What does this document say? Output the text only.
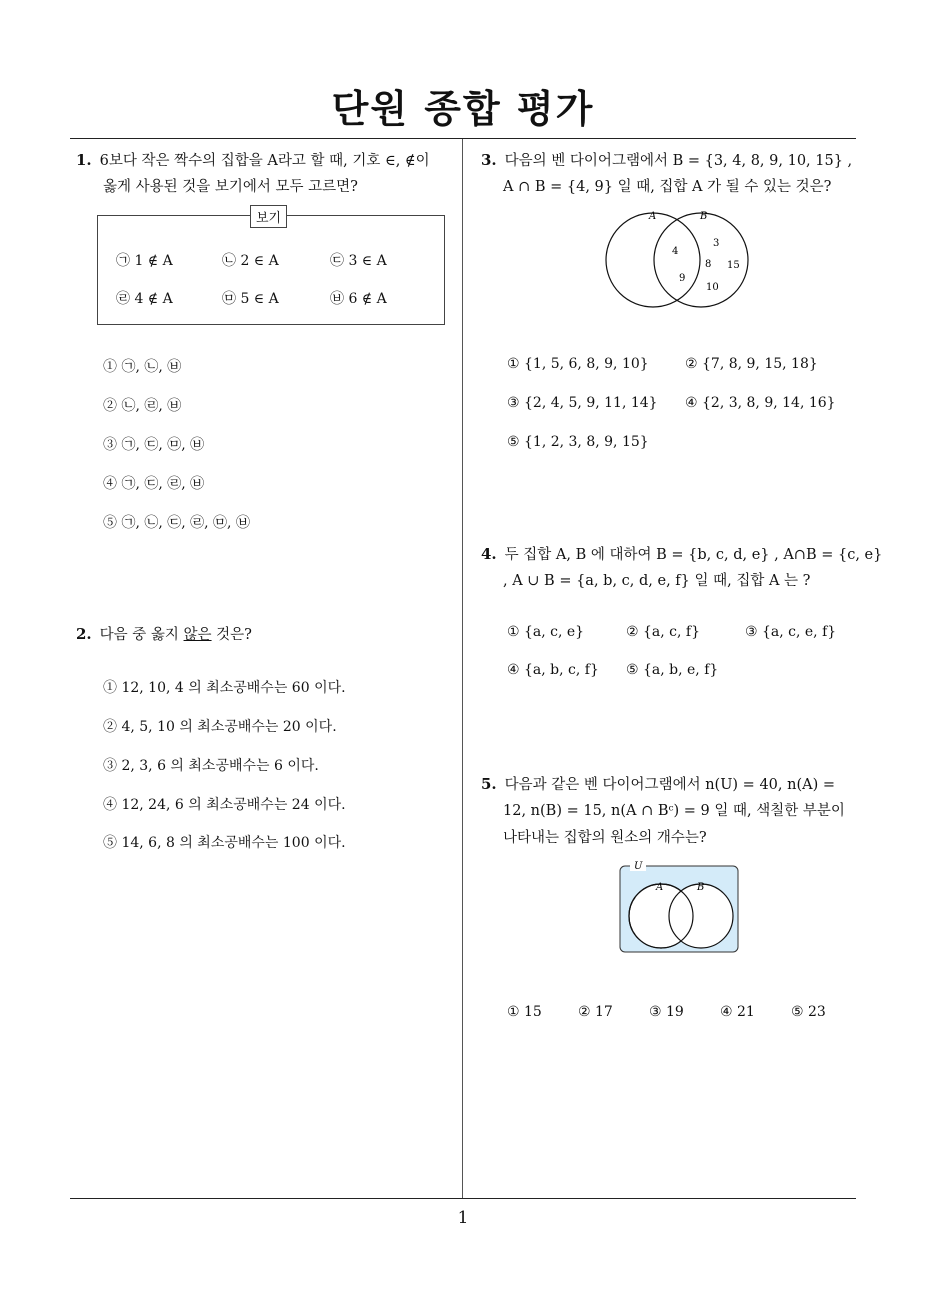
단원 종합 평가
1. 6보다 작은 짝수의 집합을 A라고 할 때, 기호 ∈, ∉이
옳게 사용된 것을 보기에서 모두 고르면?
보기
㉠ 1 ∉ A	㉡ 2 ∈ A	㉢ 3 ∈ A
㉣ 4 ∉ A	㉤ 5 ∈ A	㉥ 6 ∉ A
① ㉠, ㉡, ㉥
② ㉡, ㉣, ㉥
③ ㉠, ㉢, ㉤, ㉥
④ ㉠, ㉢, ㉣, ㉥
⑤ ㉠, ㉡, ㉢, ㉣, ㉤, ㉥
2. 다음 중 옳지 않은 것은?
① 12, 10, 4 의 최소공배수는 60 이다.
② 4, 5, 10 의 최소공배수는 20 이다.
③ 2, 3, 6 의 최소공배수는 6 이다.
④ 12, 24, 6 의 최소공배수는 24 이다.
⑤ 14, 6, 8 의 최소공배수는 100 이다.
3. 다음의 벤 다이어그램에서 B = {3, 4, 8, 9, 10, 15} ,
A ∩ B = {4, 9} 일 때, 집합 A 가 될 수 있는 것은?
A	B
4
9
3
8 15
10
① {1, 5, 6, 8, 9, 10}	② {7, 8, 9, 15, 18}
③ {2, 4, 5, 9, 11, 14} ④ {2, 3, 8, 9, 14, 16}
⑤ {1, 2, 3, 8, 9, 15}
4. 두 집합 A, B 에 대하여 B = {b, c, d, e} , A∩B = {c, e}
, A ∪ B = {a, b, c, d, e, f} 일 때, 집합 A 는 ?
① {a, c, e}	② {a, c, f}	③ {a, c, e, f}
④ {a, b, c, f} ⑤ {a, b, e, f}
5. 다음과 같은 벤 다이어그램에서 n(U) = 40, n(A) =
12, n(B) = 15, n(A ∩ Bᶜ) = 9 일 때, 색칠한 부분이
나타내는 집합의 원소의 개수는?
U
A	B
① 15	② 17	③ 19	④ 21	⑤ 23
1
